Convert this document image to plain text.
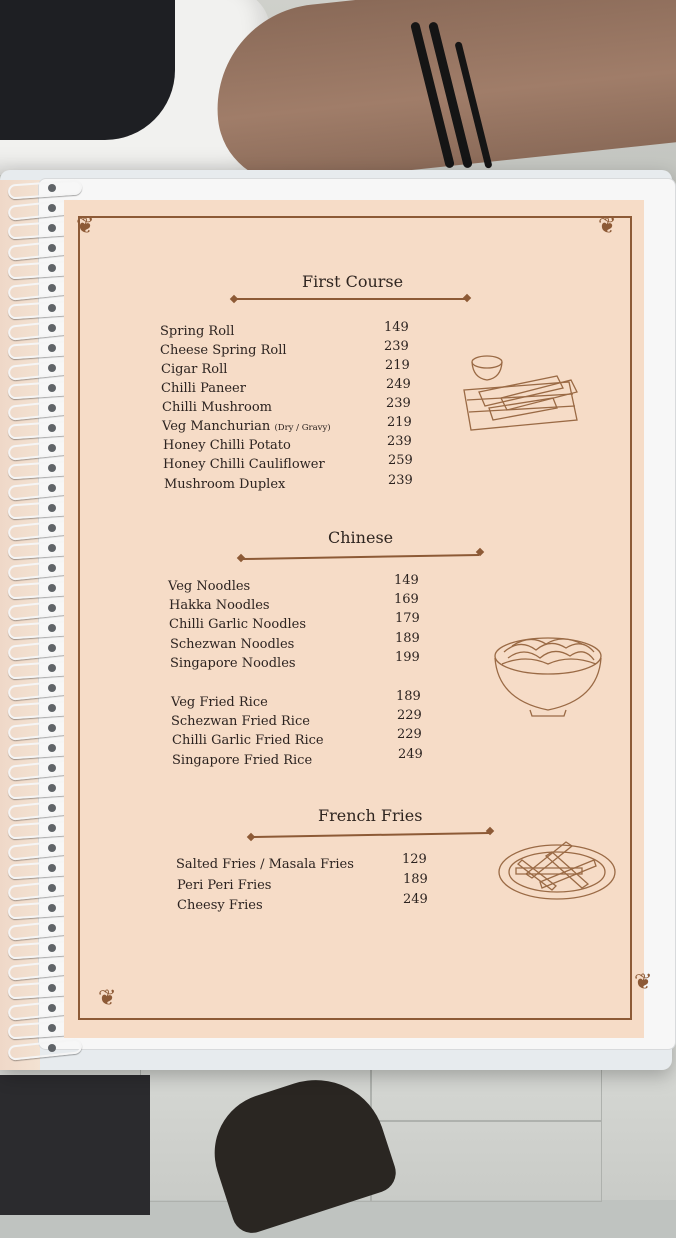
❦	❦
❦
❦
First Course
Spring Roll	149
Cheese Spring Roll	239
Cigar Roll	219
Chilli Paneer	249
Chilli Mushroom	239
Veg Manchurian (Dry / Gravy)	219
Honey Chilli Potato	239
Honey Chilli Cauliflower	259
Mushroom Duplex	239
Chinese
Veg Noodles	149
Hakka Noodles	169
Chilli Garlic Noodles	179
Schezwan Noodles	189
Singapore Noodles	199
Veg Fried Rice	189
Schezwan Fried Rice	229
Chilli Garlic Fried Rice	229
Singapore Fried Rice	249
French Fries
Salted Fries / Masala Fries	129
Peri Peri Fries	189
Cheesy Fries	249
